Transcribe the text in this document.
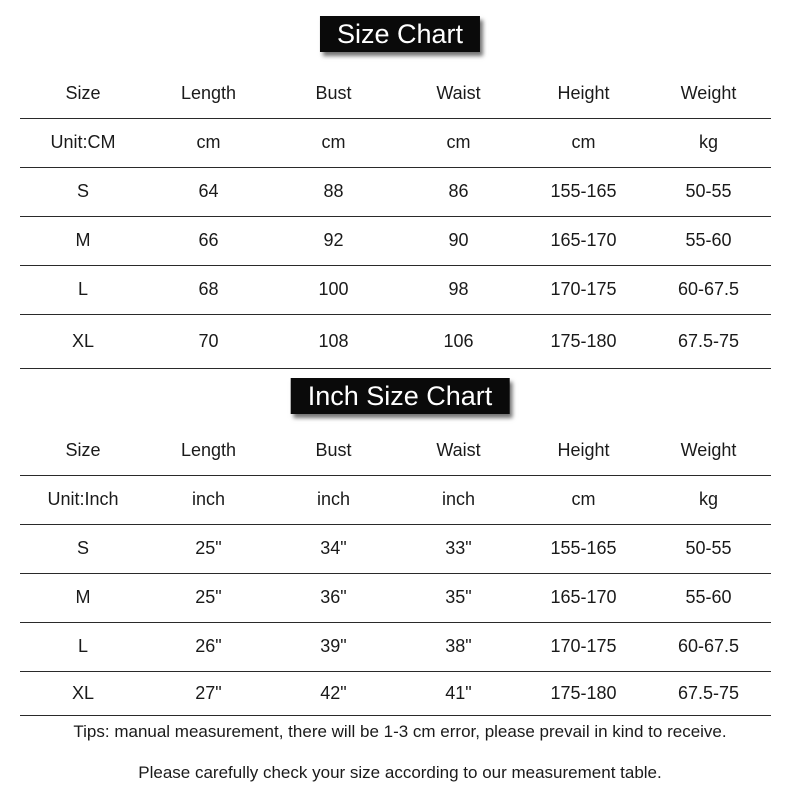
Size Chart
Size	Length	Bust	Waist	Height	Weight
Unit:CM	cm	cm	cm	cm	kg
S	64	88	86	155-165	50-55
M	66	92	90	165-170	55-60
L	68	100	98	170-175	60-67.5
XL	70	108	106	175-180	67.5-75
Inch Size Chart
Size	Length	Bust	Waist	Height	Weight
Unit:Inch	inch	inch	inch	cm	kg
S	25"	34"	33"	155-165	50-55
M	25"	36"	35"	165-170	55-60
L	26"	39"	38"	170-175	60-67.5
XL	27"	42"	41"	175-180	67.5-75
Tips: manual measurement, there will be 1-3 cm error, please prevail in kind to receive.
Please carefully check your size according to our measurement table.
